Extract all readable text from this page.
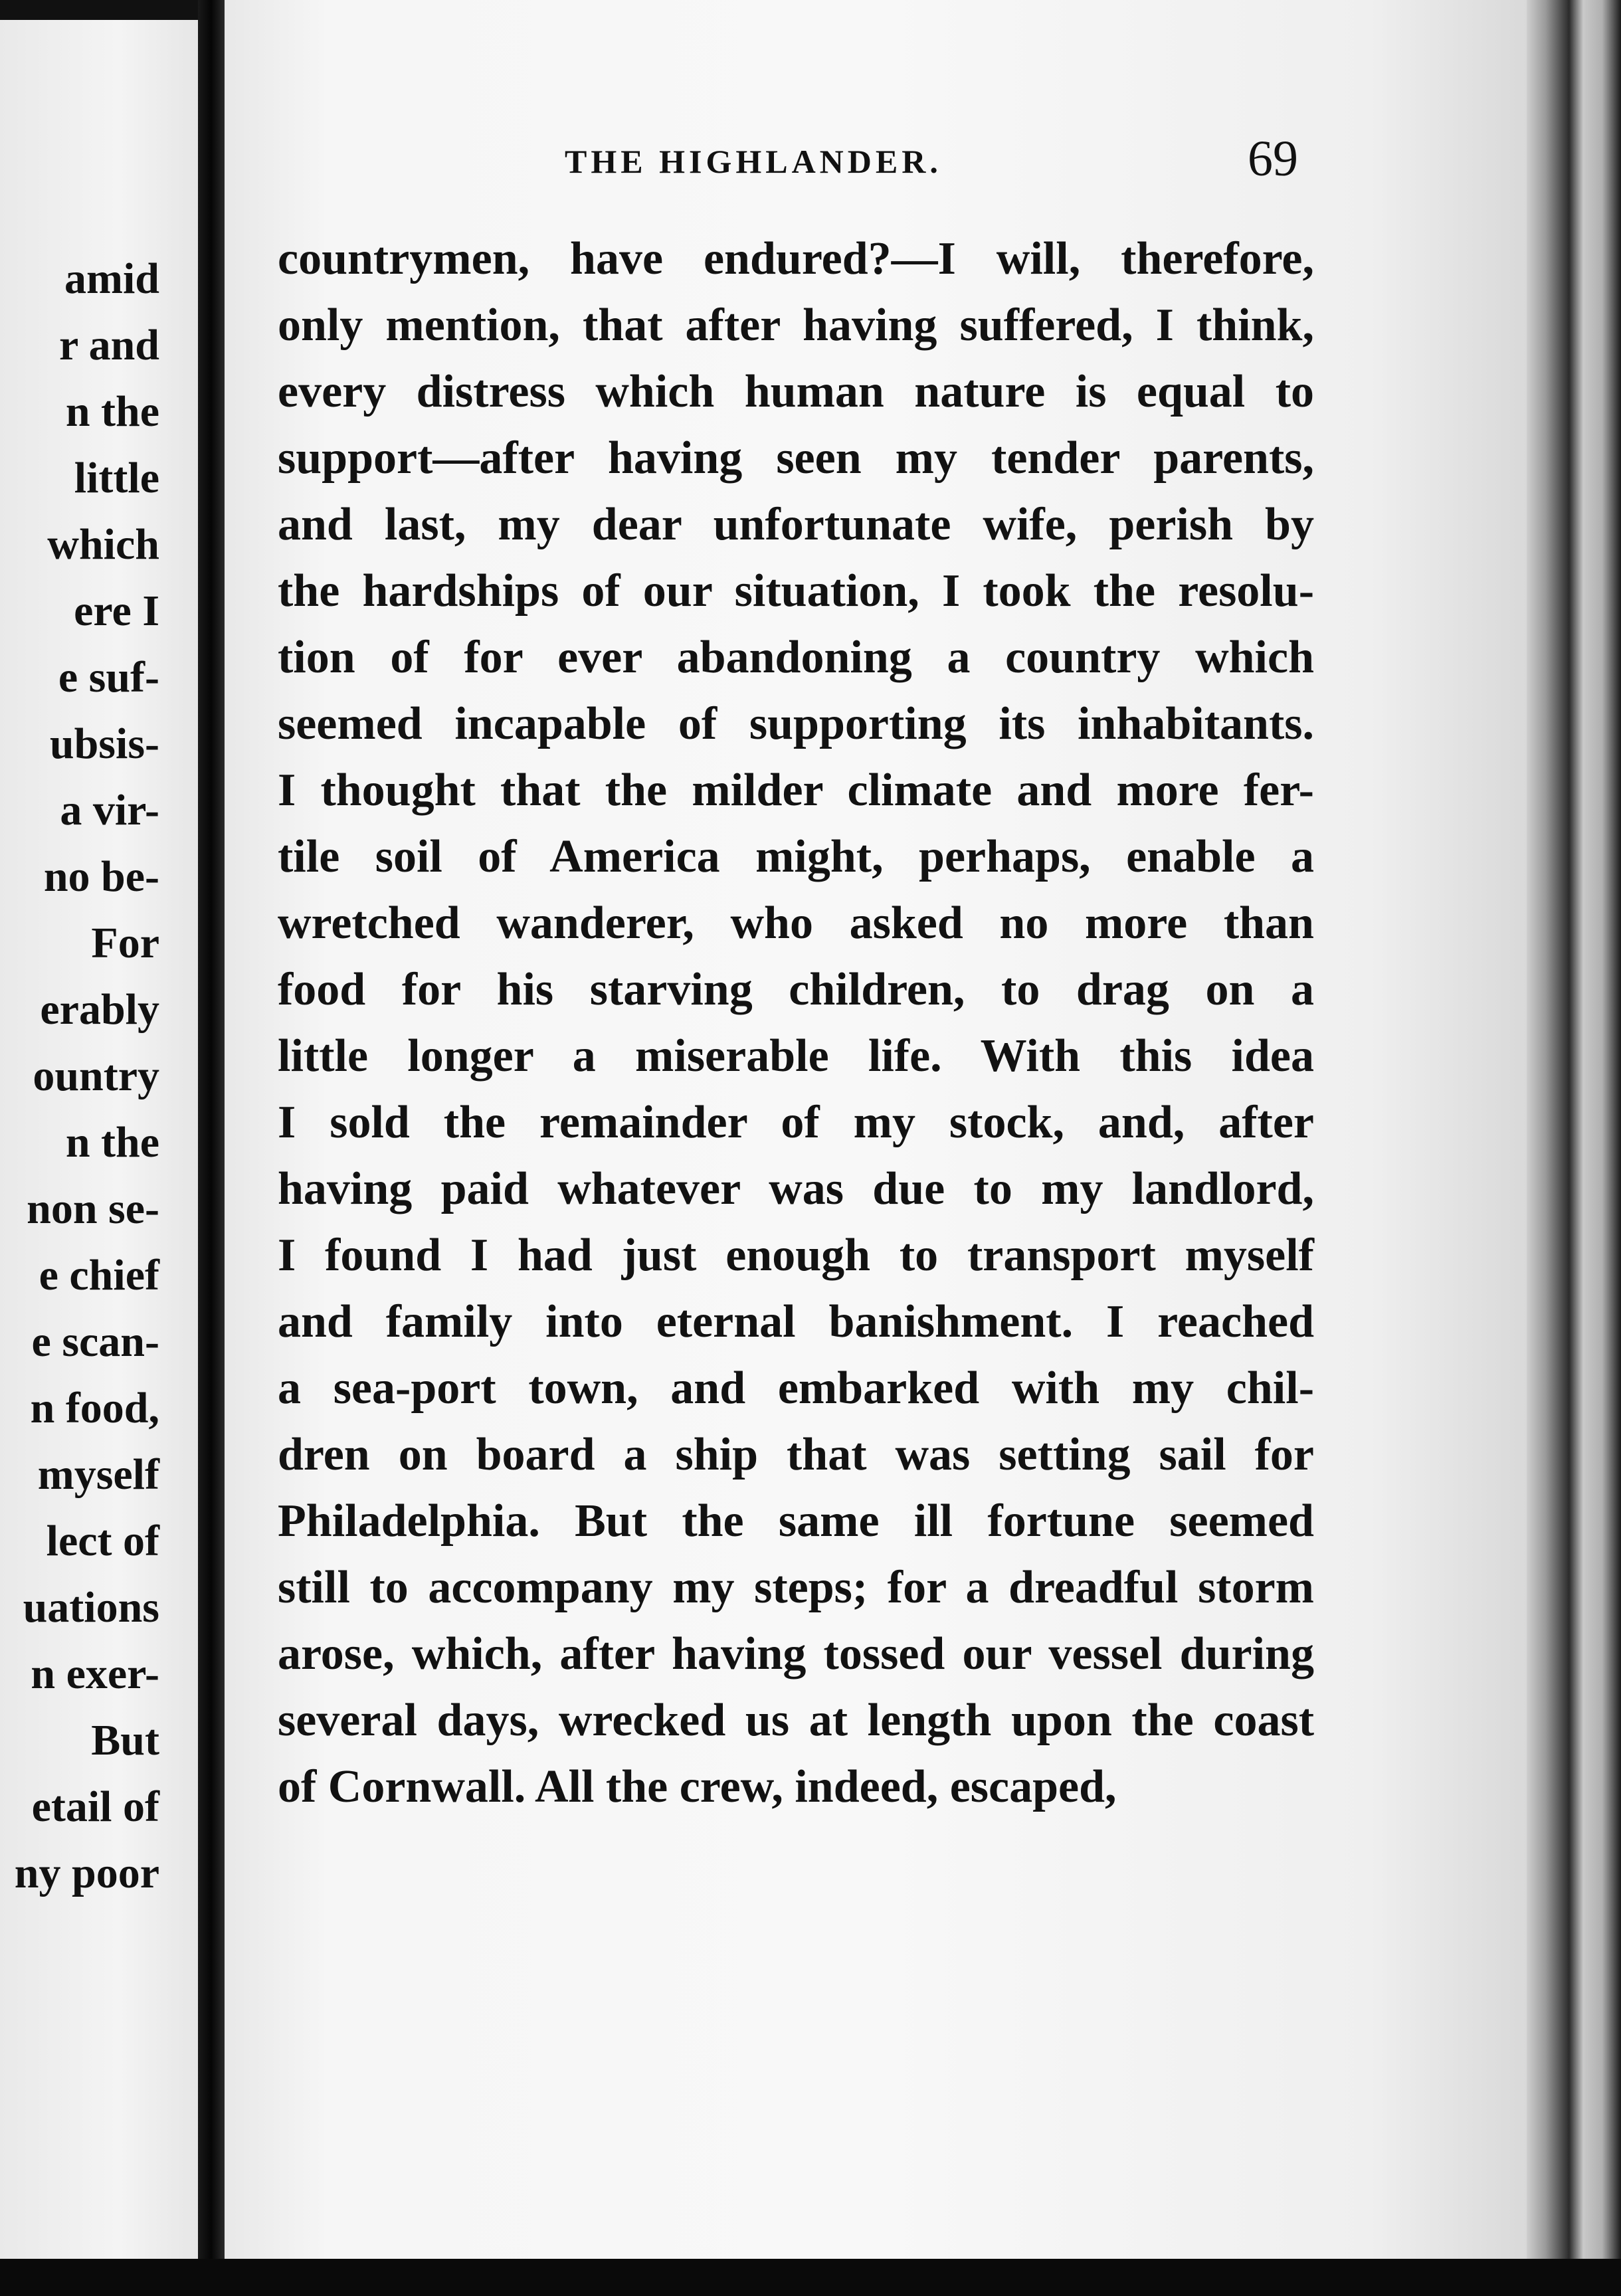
amid
r and
n the
little
which
ere I
e suf-
ubsis-
a vir-
no be-
For
erably
ountry
n the
non se-
e chief
e scan-
n food,
myself
lect of
uations
n exer-
But
etail of
ny poor
THE HIGHLANDER.	69
countrymen, have endured?—I will, therefore,
only mention, that after having suffered, I think,
every distress which human nature is equal to
support—after having seen my tender parents,
and last, my dear unfortunate wife, perish by
the hardships of our situation, I took the resolu-
tion of for ever abandoning a country which
seemed incapable of supporting its inhabitants.
I thought that the milder climate and more fer-
tile soil of America might, perhaps, enable a
wretched wanderer, who asked no more than
food for his starving children, to drag on a
little longer a miserable life. With this idea
I sold the remainder of my stock, and, after
having paid whatever was due to my landlord,
I found I had just enough to transport myself
and family into eternal banishment. I reached
a sea-port town, and embarked with my chil-
dren on board a ship that was setting sail for
Philadelphia. But the same ill fortune seemed
still to accompany my steps; for a dreadful storm
arose, which, after having tossed our vessel during
several days, wrecked us at length upon the coast
of Cornwall. All the crew, indeed, escaped,
